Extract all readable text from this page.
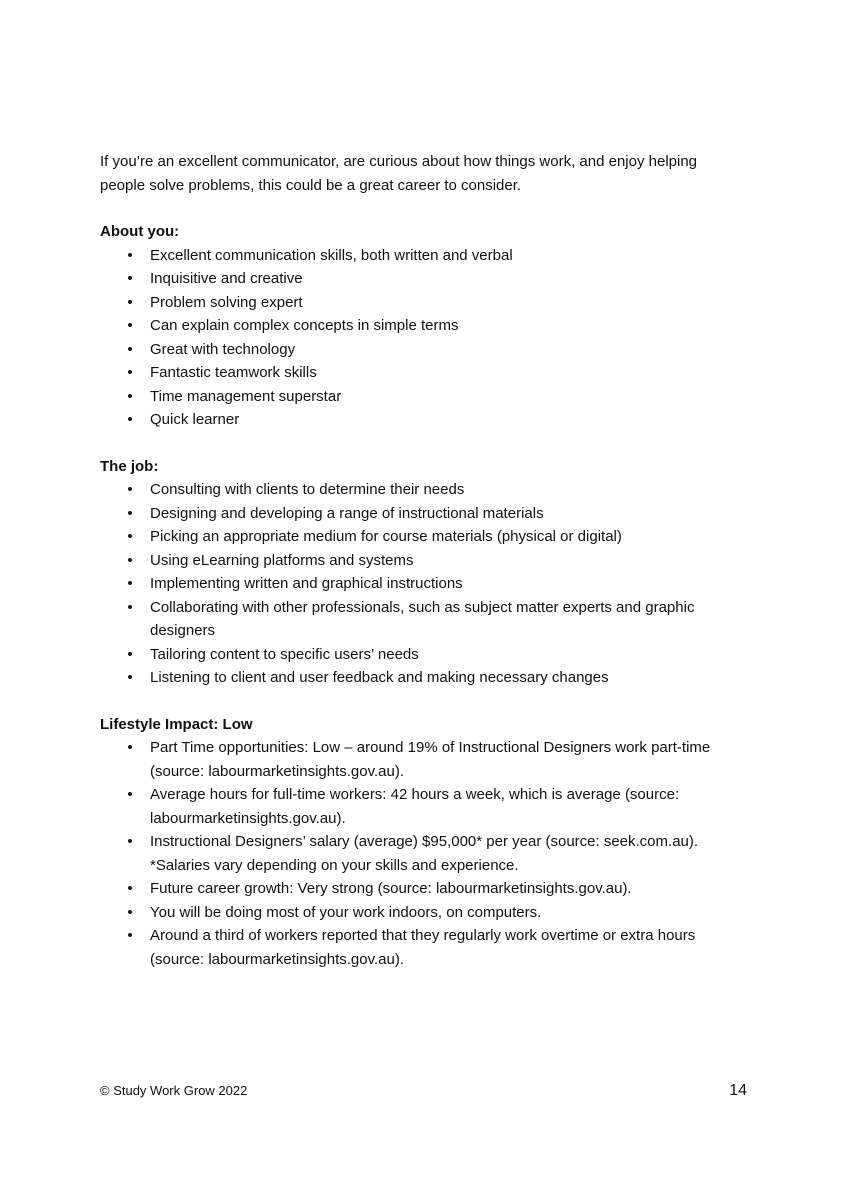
If you’re an excellent communicator, are curious about how things work, and enjoy helping people solve problems, this could be a great career to consider.

About you:

• Excellent communication skills, both written and verbal
• Inquisitive and creative
• Problem solving expert
• Can explain complex concepts in simple terms
• Great with technology
• Fantastic teamwork skills
• Time management superstar
• Quick learner

The job:

• Consulting with clients to determine their needs
• Designing and developing a range of instructional materials
• Picking an appropriate medium for course materials (physical or digital)
• Using eLearning platforms and systems
• Implementing written and graphical instructions
• Collaborating with other professionals, such as subject matter experts and graphic designers
• Tailoring content to specific users’ needs
• Listening to client and user feedback and making necessary changes

Lifestyle Impact: Low

• Part Time opportunities: Low – around 19% of Instructional Designers work part-time (source: labourmarketinsights.gov.au).
• Average hours for full-time workers: 42 hours a week, which is average (source: labourmarketinsights.gov.au).
• Instructional Designers’ salary (average) $95,000* per year (source: seek.com.au). *Salaries vary depending on your skills and experience.
• Future career growth: Very strong (source: labourmarketinsights.gov.au).
• You will be doing most of your work indoors, on computers.
• Around a third of workers reported that they regularly work overtime or extra hours (source: labourmarketinsights.gov.au).
© Study Work Grow 2022	14
